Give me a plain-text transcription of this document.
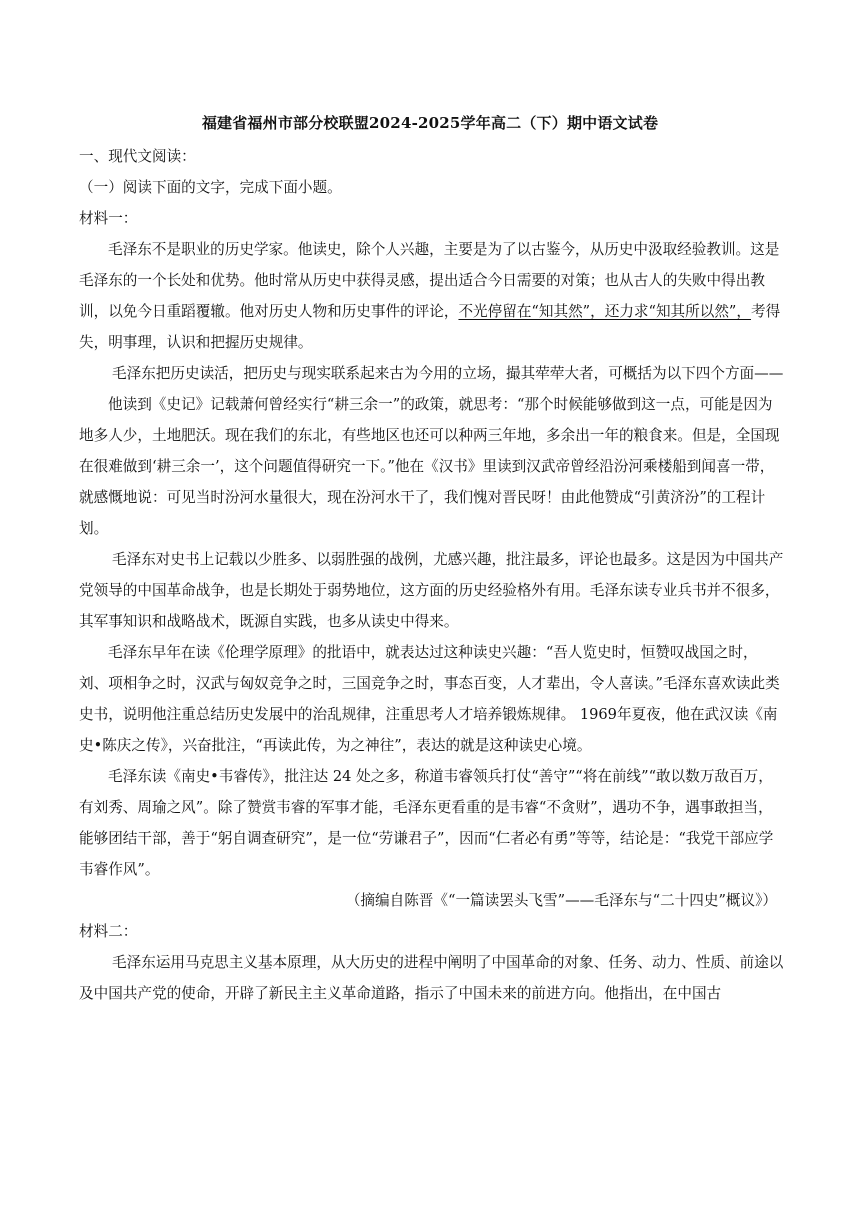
福建省福州市部分校联盟2024-2025学年高二（下）期中语文试卷

一、现代文阅读：

（一）阅读下面的文字，完成下面小题。

材料一：

毛泽东不是职业的历史学家。他读史，除个人兴趣，主要是为了以古鉴今，从历史中汲取经验教训。这是毛泽东的一个长处和优势。他时常从历史中获得灵感，提出适合今日需要的对策；也从古人的失败中得出教训，以免今日重蹈覆辙。他对历史人物和历史事件的评论，不光停留在“知其然”，还力求“知其所以然”，考得失，明事理，认识和把握历史规律。

毛泽东把历史读活，把历史与现实联系起来古为今用的立场，撮其荦荦大者，可概括为以下四个方面——

他读到《史记》记载萧何曾经实行“耕三余一”的政策，就思考：“那个时候能够做到这一点，可能是因为地多人少，土地肥沃。现在我们的东北，有些地区也还可以种两三年地，多余出一年的粮食来。但是，全国现在很难做到‘耕三余一’，这个问题值得研究一下。”他在《汉书》里读到汉武帝曾经沿汾河乘楼船到闻喜一带，就感慨地说：可见当时汾河水量很大，现在汾河水干了，我们愧对晋民呀！由此他赞成“引黄济汾”的工程计划。

毛泽东对史书上记载以少胜多、以弱胜强的战例，尤感兴趣，批注最多，评论也最多。这是因为中国共产党领导的中国革命战争，也是长期处于弱势地位，这方面的历史经验格外有用。毛泽东读专业兵书并不很多，其军事知识和战略战术，既源自实践，也多从读史中得来。

毛泽东早年在读《伦理学原理》的批语中，就表达过这种读史兴趣：“吾人览史时，恒赞叹战国之时，刘、项相争之时，汉武与匈奴竞争之时，三国竞争之时，事态百变，人才辈出，令人喜读。”毛泽东喜欢读此类史书，说明他注重总结历史发展中的治乱规律，注重思考人才培养锻炼规律。 1969年夏夜，他在武汉读《南史•陈庆之传》，兴奋批注，“再读此传，为之神往”，表达的就是这种读史心境。

毛泽东读《南史•韦睿传》，批注达 24 处之多，称道韦睿领兵打仗“善守”“将在前线”“敢以数万敌百万，有刘秀、周瑜之风”。除了赞赏韦睿的军事才能，毛泽东更看重的是韦睿“不贪财”，遇功不争，遇事敢担当，能够团结干部，善于“躬自调查研究”，是一位“劳谦君子”，因而“仁者必有勇”等等，结论是：“我党干部应学韦睿作风”。

（摘编自陈晋《“一篇读罢头飞雪”——毛泽东与“二十四史”概议》）

材料二：

毛泽东运用马克思主义基本原理，从大历史的进程中阐明了中国革命的对象、任务、动力、性质、前途以及中国共产党的使命，开辟了新民主主义革命道路，指示了中国未来的前进方向。他指出，在中国古
